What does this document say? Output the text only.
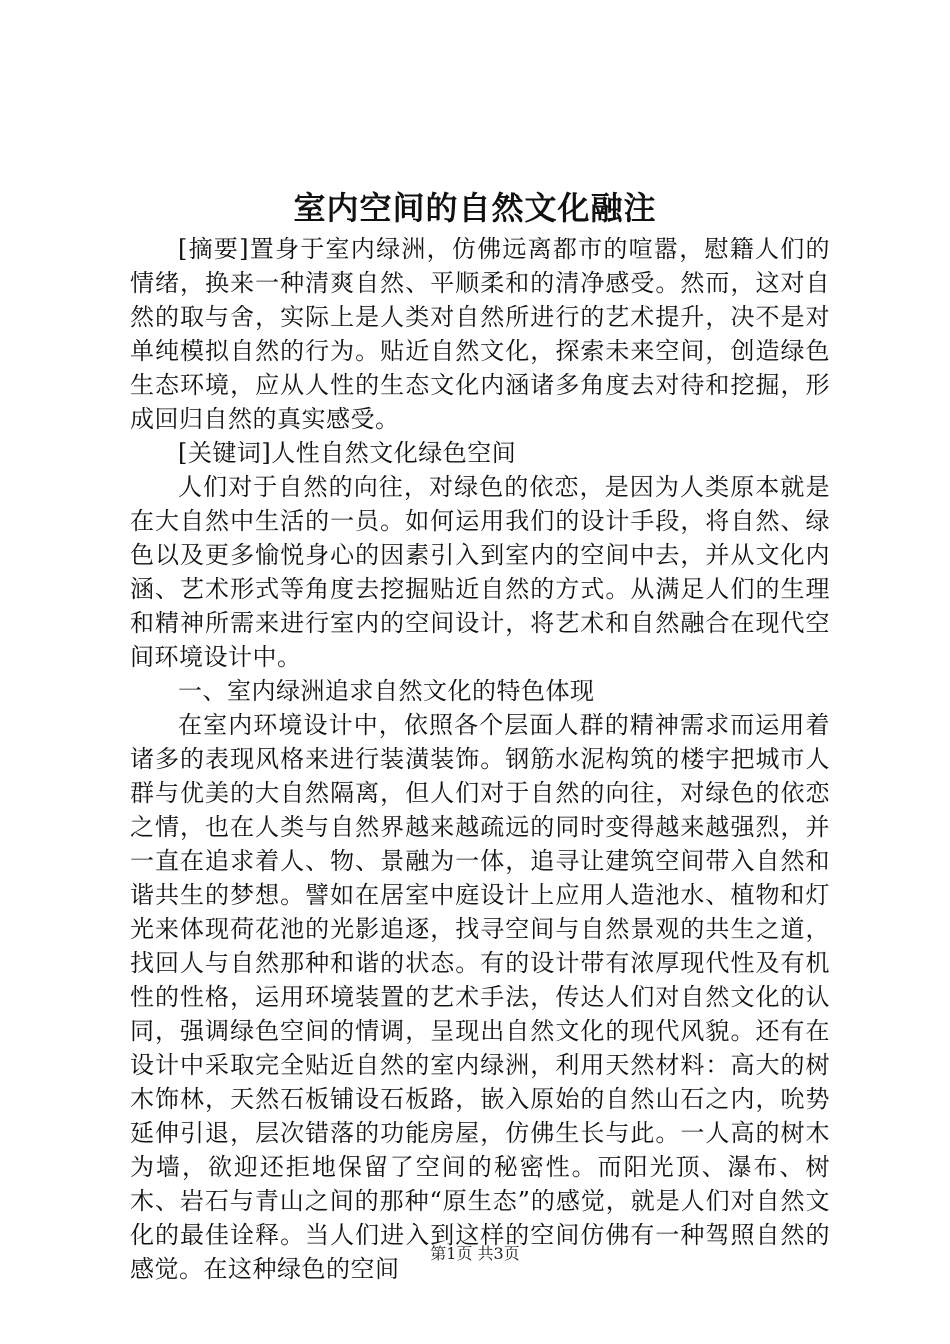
室内空间的自然文化融注

[摘要]置身于室内绿洲，仿佛远离都市的喧嚣，慰籍人们的情绪，换来一种清爽自然、平顺柔和的清净感受。然而，这对自然的取与舍，实际上是人类对自然所进行的艺术提升，决不是对单纯模拟自然的行为。贴近自然文化，探索未来空间，创造绿色生态环境，应从人性的生态文化内涵诸多角度去对待和挖掘，形成回归自然的真实感受。

[关键词]人性自然文化绿色空间

人们对于自然的向往，对绿色的依恋，是因为人类原本就是在大自然中生活的一员。如何运用我们的设计手段，将自然、绿色以及更多愉悦身心的因素引入到室内的空间中去，并从文化内涵、艺术形式等角度去挖掘贴近自然的方式。从满足人们的生理和精神所需来进行室内的空间设计，将艺术和自然融合在现代空间环境设计中。

一、室内绿洲追求自然文化的特色体现

在室内环境设计中，依照各个层面人群的精神需求而运用着诸多的表现风格来进行装潢装饰。钢筋水泥构筑的楼宇把城市人群与优美的大自然隔离，但人们对于自然的向往，对绿色的依恋之情，也在人类与自然界越来越疏远的同时变得越来越强烈，并一直在追求着人、物、景融为一体，追寻让建筑空间带入自然和谐共生的梦想。譬如在居室中庭设计上应用人造池水、植物和灯光来体现荷花池的光影追逐，找寻空间与自然景观的共生之道，找回人与自然那种和谐的状态。有的设计带有浓厚现代性及有机性的性格，运用环境装置的艺术手法，传达人们对自然文化的认同，强调绿色空间的情调，呈现出自然文化的现代风貌。还有在设计中采取完全贴近自然的室内绿洲，利用天然材料：高大的树木饰林，天然石板铺设石板路，嵌入原始的自然山石之内，吮势延伸引退，层次错落的功能房屋，仿佛生长与此。一人高的树木为墙，欲迎还拒地保留了空间的秘密性。而阳光顶、瀑布、树木、岩石与青山之间的那种“原生态”的感觉，就是人们对自然文化的最佳诠释。当人们进入到这样的空间仿佛有一种驾照自然的感觉。在这种绿色的空间

第1页 共3页
